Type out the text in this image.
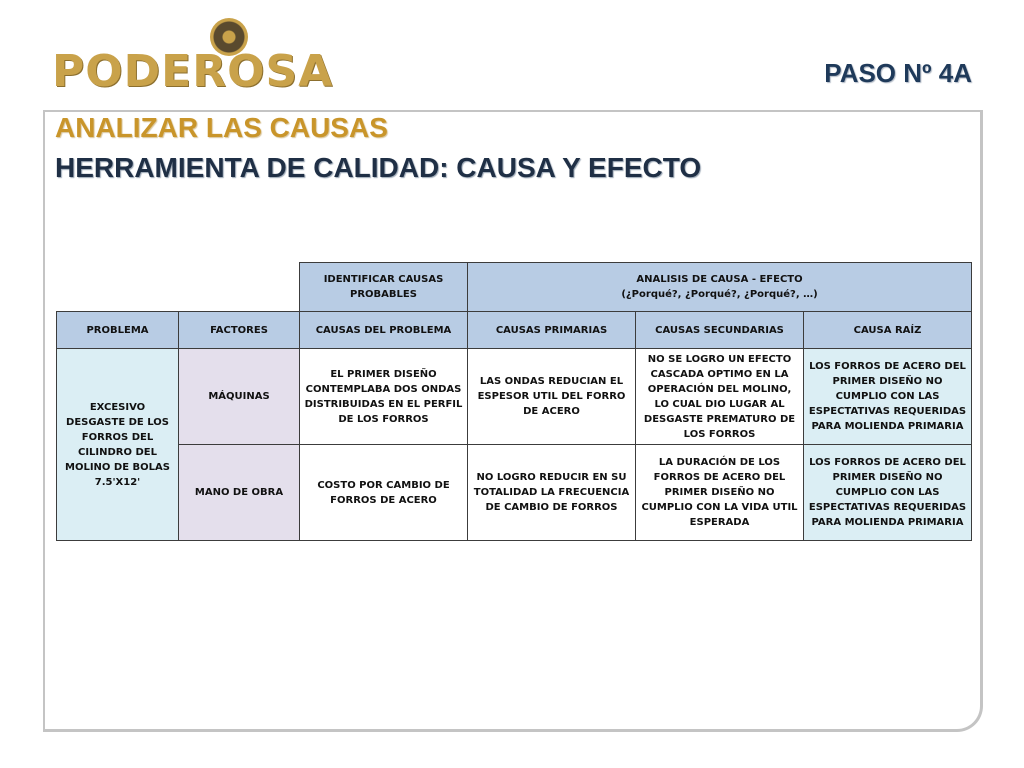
PODEROSA	PASO Nº 4A
ANALIZAR LAS CAUSAS
HERRAMIENTA DE CALIDAD: CAUSA Y EFECTO
		IDENTIFICAR CAUSAS PROBABLES	ANALISIS DE CAUSA - EFECTO
(¿Porqué?, ¿Porqué?, ¿Porqué?, …)		

PROBLEMA	FACTORES	CAUSAS DEL PROBLEMA	CAUSAS PRIMARIAS	CAUSAS SECUNDARIAS	CAUSA RAÍZ
EXCESIVO DESGASTE DE LOS FORROS DEL CILINDRO DEL MOLINO DE BOLAS 7.5'X12'	MÁQUINAS	EL PRIMER DISEÑO CONTEMPLABA DOS ONDAS DISTRIBUIDAS EN EL PERFIL DE LOS FORROS	LAS ONDAS REDUCIAN EL ESPESOR UTIL DEL FORRO DE ACERO	NO SE LOGRO UN EFECTO CASCADA OPTIMO EN LA OPERACIÓN DEL MOLINO, LO CUAL DIO LUGAR AL DESGASTE PREMATURO DE LOS FORROS	LOS FORROS DE ACERO DEL PRIMER DISEÑO NO CUMPLIO CON LAS ESPECTATIVAS REQUERIDAS PARA MOLIENDA PRIMARIA
	MANO DE OBRA	COSTO POR CAMBIO DE FORROS DE ACERO	NO LOGRO REDUCIR EN SU TOTALIDAD LA FRECUENCIA DE CAMBIO DE FORROS	LA DURACIÓN DE LOS FORROS DE ACERO DEL PRIMER DISEÑO NO CUMPLIO CON LA VIDA UTIL ESPERADA	LOS FORROS DE ACERO DEL PRIMER DISEÑO NO CUMPLIO CON LAS ESPECTATIVAS REQUERIDAS PARA MOLIENDA PRIMARIA
